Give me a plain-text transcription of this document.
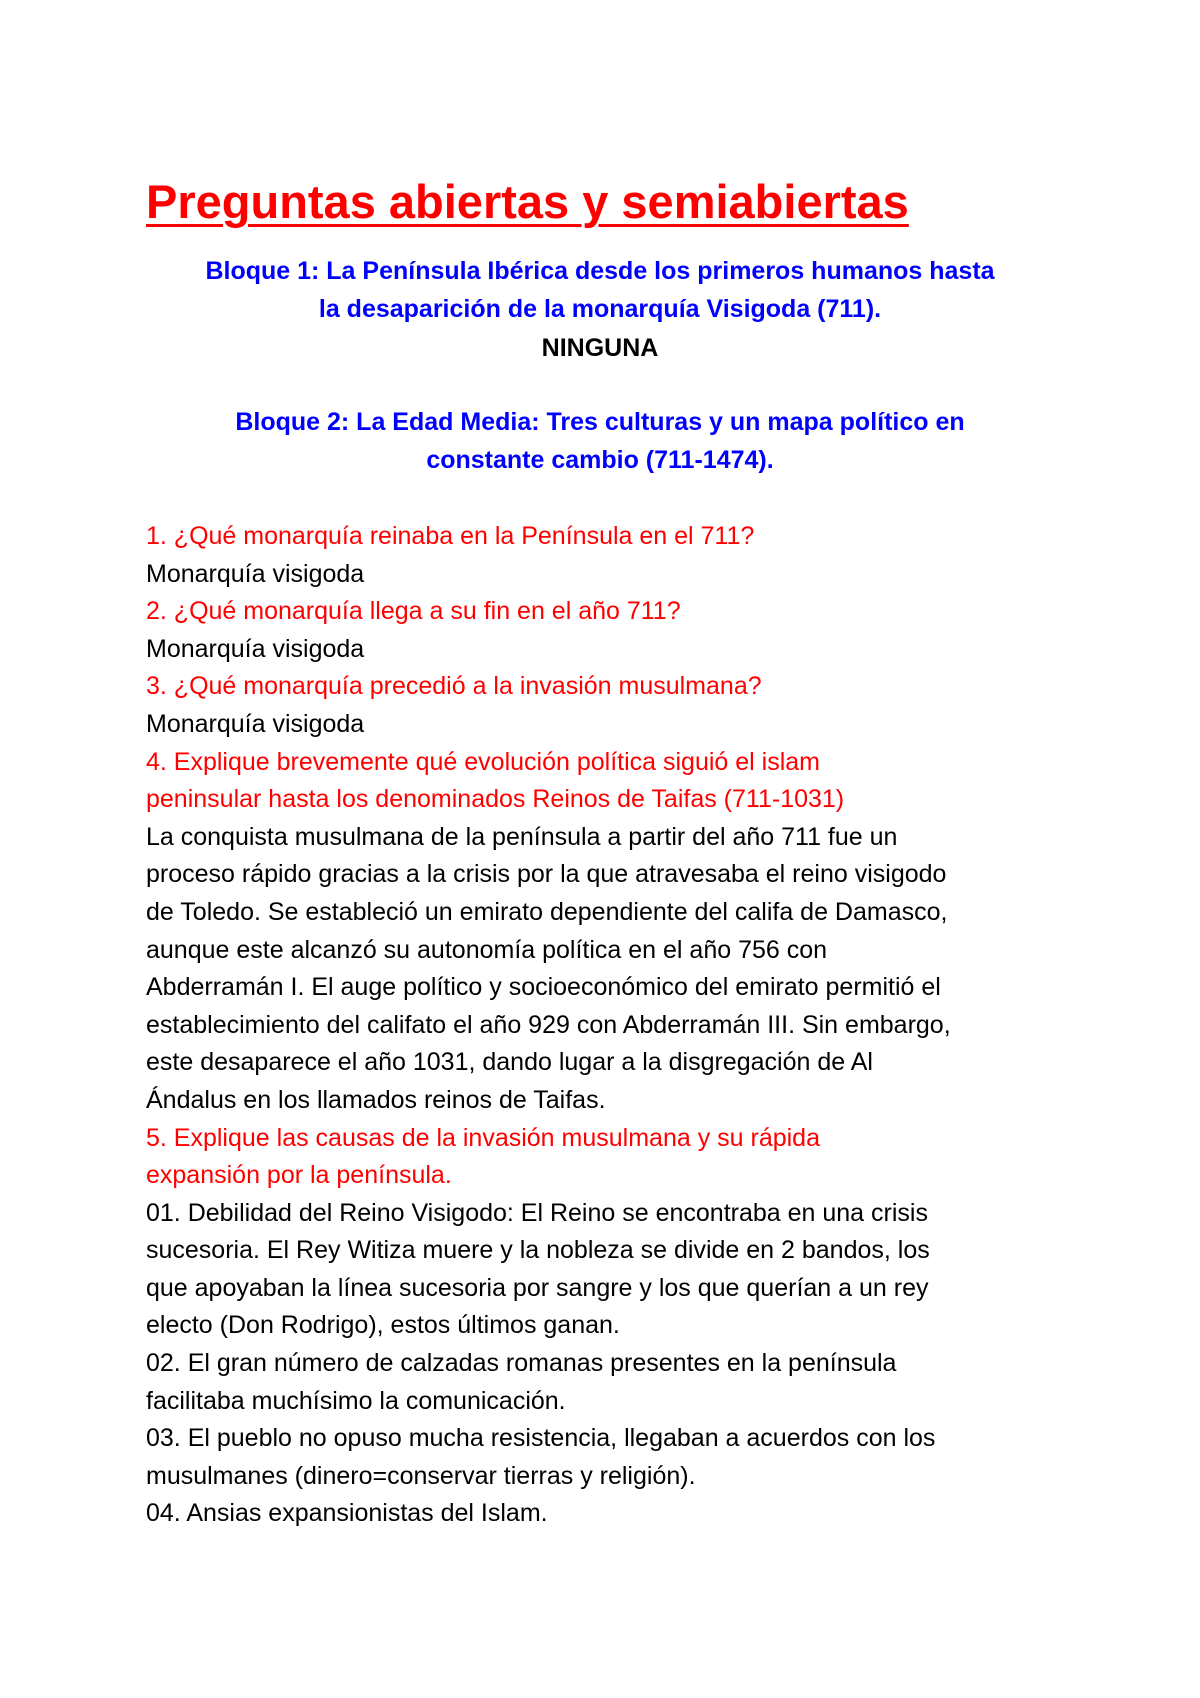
Preguntas abiertas y semiabiertas
Bloque 1: La Península Ibérica desde los primeros humanos hasta
la desaparición de la monarquía Visigoda (711).

NINGUNA

Bloque 2: La Edad Media: Tres culturas y un mapa político en
constante cambio (711-1474).
1. ¿Qué monarquía reinaba en la Península en el 711?
Monarquía visigoda
2. ¿Qué monarquía llega a su fin en el año 711?
Monarquía visigoda
3. ¿Qué monarquía precedió a la invasión musulmana?
Monarquía visigoda
4. Explique brevemente qué evolución política siguió el islam
peninsular hasta los denominados Reinos de Taifas (711-1031)
La conquista musulmana de la península a partir del año 711 fue un
proceso rápido gracias a la crisis por la que atravesaba el reino visigodo
de Toledo. Se estableció un emirato dependiente del califa de Damasco,
aunque este alcanzó su autonomía política en el año 756 con
Abderramán I. El auge político y socioeconómico del emirato permitió el
establecimiento del califato el año 929 con Abderramán III. Sin embargo,
este desaparece el año 1031, dando lugar a la disgregación de Al
Ándalus en los llamados reinos de Taifas.
5. Explique las causas de la invasión musulmana y su rápida
expansión por la península.
01. Debilidad del Reino Visigodo: El Reino se encontraba en una crisis
sucesoria. El Rey Witiza muere y la nobleza se divide en 2 bandos, los
que apoyaban la línea sucesoria por sangre y los que querían a un rey
electo (Don Rodrigo), estos últimos ganan.
02. El gran número de calzadas romanas presentes en la península
facilitaba muchísimo la comunicación.
03. El pueblo no opuso mucha resistencia, llegaban a acuerdos con los
musulmanes (dinero=conservar tierras y religión).
04. Ansias expansionistas del Islam.
